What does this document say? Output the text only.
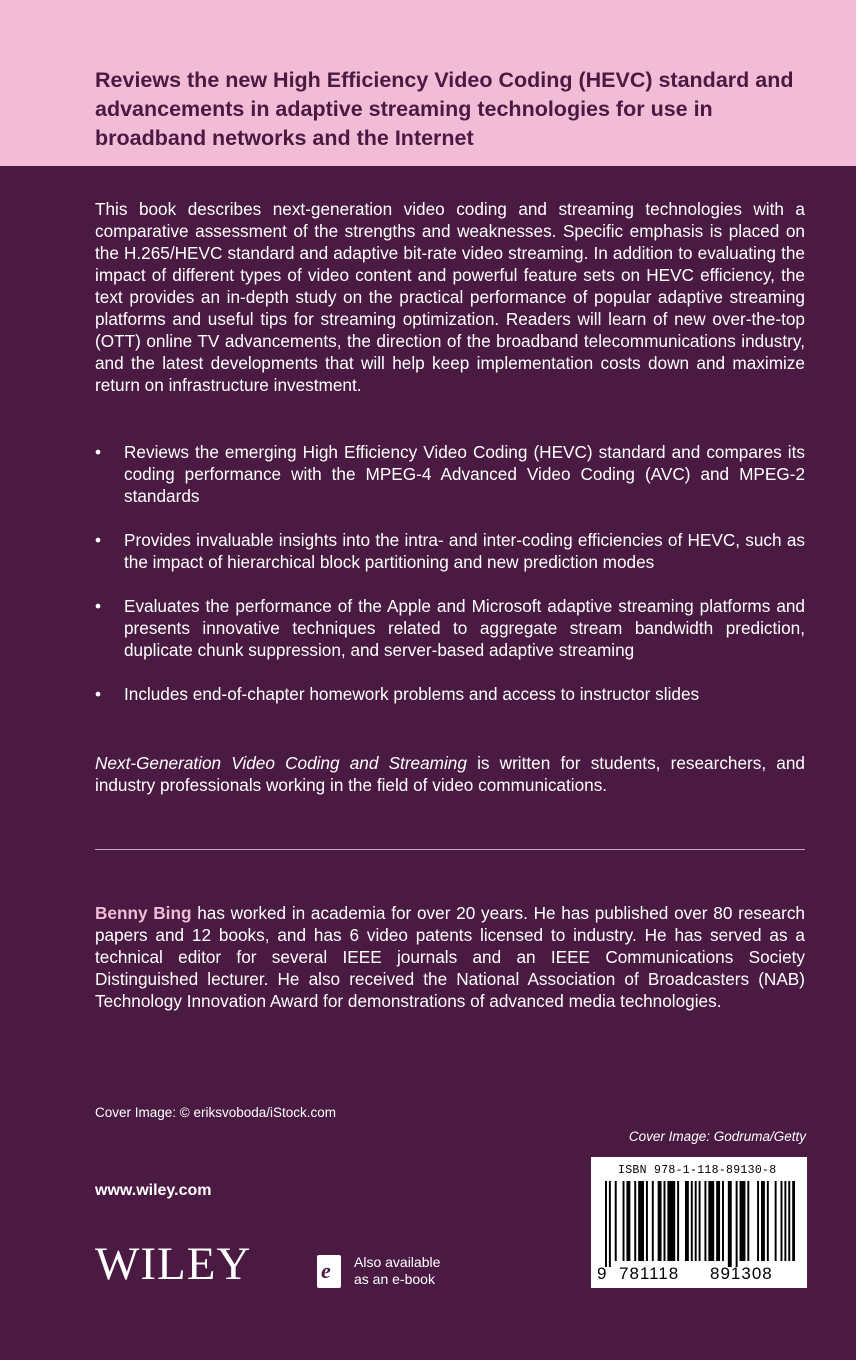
Reviews the new High Efficiency Video Coding (HEVC) standard and advancements in adaptive streaming technologies for use in broadband networks and the Internet

This book describes next-generation video coding and streaming technologies with a comparative assessment of the strengths and weaknesses. Specific emphasis is placed on the H.265/HEVC standard and adaptive bit-rate video streaming. In addition to evaluating the impact of different types of video content and powerful feature sets on HEVC efficiency, the text provides an in-depth study on the practical performance of popular adaptive streaming platforms and useful tips for streaming optimization. Readers will learn of new over-the-top (OTT) online TV advancements, the direction of the broadband telecommunications industry, and the latest developments that will help keep implementation costs down and maximize return on infrastructure investment.

• Reviews the emerging High Efficiency Video Coding (HEVC) standard and compares its coding performance with the MPEG-4 Advanced Video Coding (AVC) and MPEG-2 standards
• Provides invaluable insights into the intra- and inter-coding efficiencies of HEVC, such as the impact of hierarchical block partitioning and new prediction modes
• Evaluates the performance of the Apple and Microsoft adaptive streaming platforms and presents innovative techniques related to aggregate stream bandwidth prediction, duplicate chunk suppression, and server-based adaptive streaming
• Includes end-of-chapter homework problems and access to instructor slides

Next-Generation Video Coding and Streaming is written for students, researchers, and industry professionals working in the field of video communications.

Benny Bing has worked in academia for over 20 years. He has published over 80 research papers and 12 books, and has 6 video patents licensed to industry. He has served as a technical editor for several IEEE journals and an IEEE Communications Society Distinguished lecturer. He also received the National Association of Broadcasters (NAB) Technology Innovation Award for demonstrations of advanced media technologies.

Cover Image: © eriksvoboda/iStock.com
Cover Image: Godruma/Getty
www.wiley.com
WILEY	e Also available
as an e-book
ISBN 978-1-118-89130-8
9 781118 891308
